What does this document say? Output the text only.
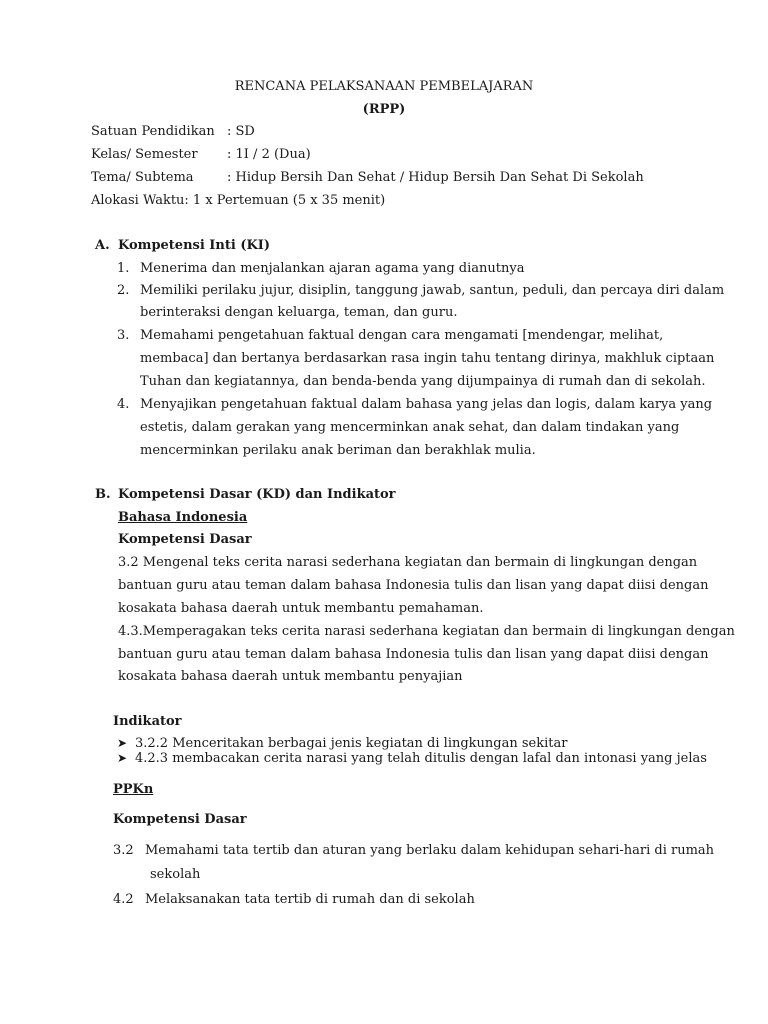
RENCANA PELAKSANAAN PEMBELAJARAN
(RPP)
Satuan Pendidikan : SD
Kelas/ Semester : 1I / 2 (Dua)
Tema/ Subtema	: Hidup Bersih Dan Sehat / Hidup Bersih Dan Sehat Di Sekolah
Alokasi Waktu: 1 x Pertemuan (5 x 35 menit)
A. Kompetensi Inti (KI)
1. Menerima dan menjalankan ajaran agama yang dianutnya
2. Memiliki perilaku jujur, disiplin, tanggung jawab, santun, peduli, dan percaya diri dalam
berinteraksi dengan keluarga, teman, dan guru.
3. Memahami pengetahuan faktual dengan cara mengamati [mendengar, melihat,
membaca] dan bertanya berdasarkan rasa ingin tahu tentang dirinya, makhluk ciptaan
Tuhan dan kegiatannya, dan benda-benda yang dijumpainya di rumah dan di sekolah.
4. Menyajikan pengetahuan faktual dalam bahasa yang jelas dan logis, dalam karya yang
estetis, dalam gerakan yang mencerminkan anak sehat, dan dalam tindakan yang
mencerminkan perilaku anak beriman dan berakhlak mulia.
B. Kompetensi Dasar (KD) dan Indikator
Bahasa Indonesia
Kompetensi Dasar
3.2 Mengenal teks cerita narasi sederhana kegiatan dan bermain di lingkungan dengan
bantuan guru atau teman dalam bahasa Indonesia tulis dan lisan yang dapat diisi dengan
kosakata bahasa daerah untuk membantu pemahaman.
4.3.Memperagakan teks cerita narasi sederhana kegiatan dan bermain di lingkungan dengan
bantuan guru atau teman dalam bahasa Indonesia tulis dan lisan yang dapat diisi dengan
kosakata bahasa daerah untuk membantu penyajian
Indikator
➤ 3.2.2 Menceritakan berbagai jenis kegiatan di lingkungan sekitar
➤ 4.2.3 membacakan cerita narasi yang telah ditulis dengan lafal dan intonasi yang jelas
PPKn
Kompetensi Dasar
3.2 Memahami tata tertib dan aturan yang berlaku dalam kehidupan sehari-hari di rumah
sekolah
4.2 Melaksanakan tata tertib di rumah dan di sekolah
